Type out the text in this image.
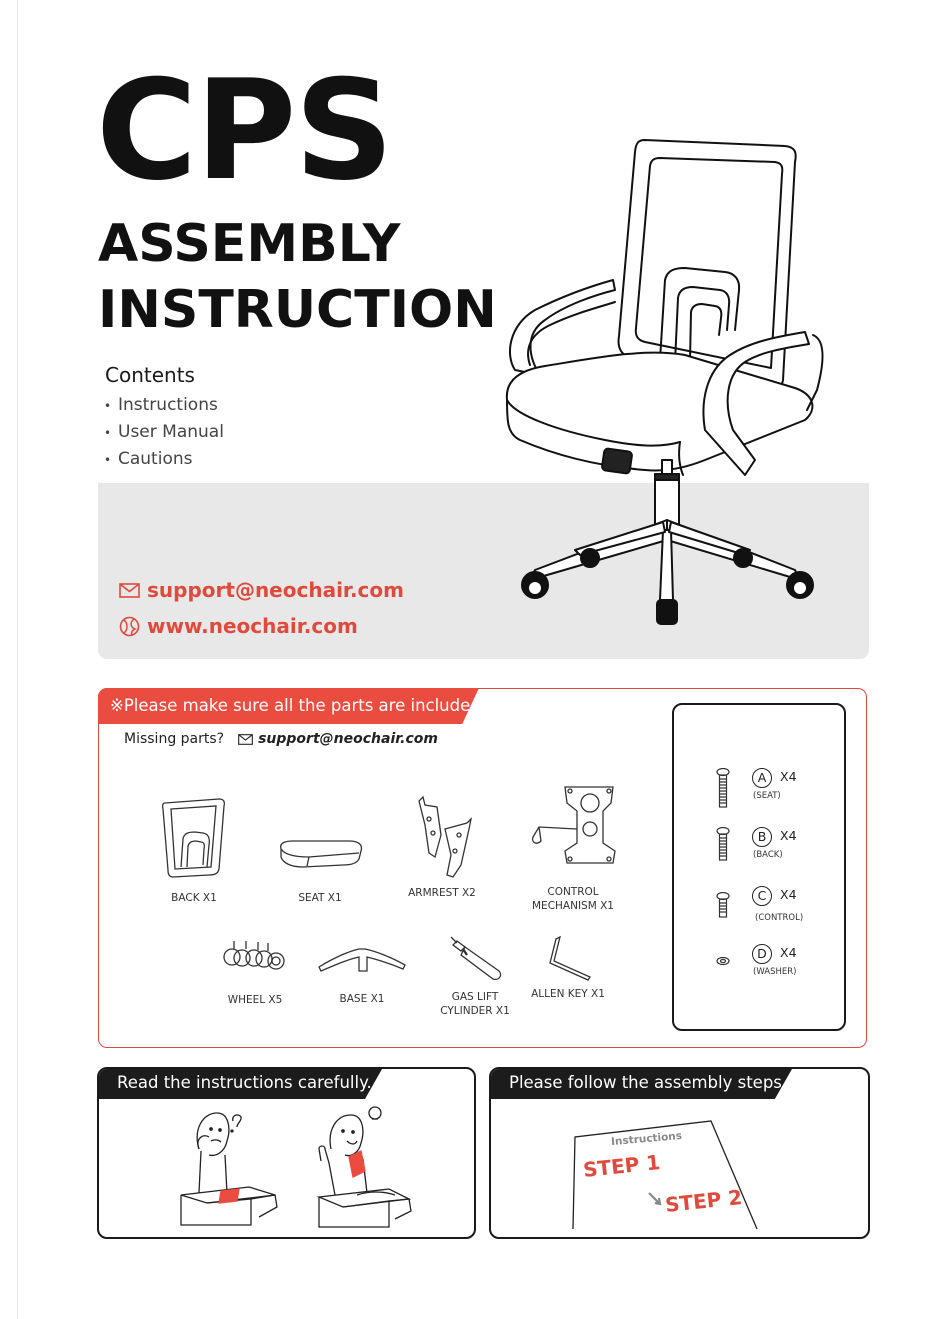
CPS
ASSEMBLY
INSTRUCTION
Contents
• Instructions
• User Manual
• Cautions
support@neochair.com
www.neochair.com
※Please make sure all the parts are included.
Missing parts? support@neochair.com
BACK X1	SEAT X1	ARMREST X2	CONTROL
MECHANISM X1
WHEEL X5	BASE X1	GAS LIFT
CYLINDER X1
ALLEN KEY X1
A	X4
(SEAT)
B	X4
(BACK)
C	X4
(CONTROL)
D	X4
(WASHER)
Read the instructions carefully.	Please follow the assembly steps.
Instructions
STEP 1
STEP 2
